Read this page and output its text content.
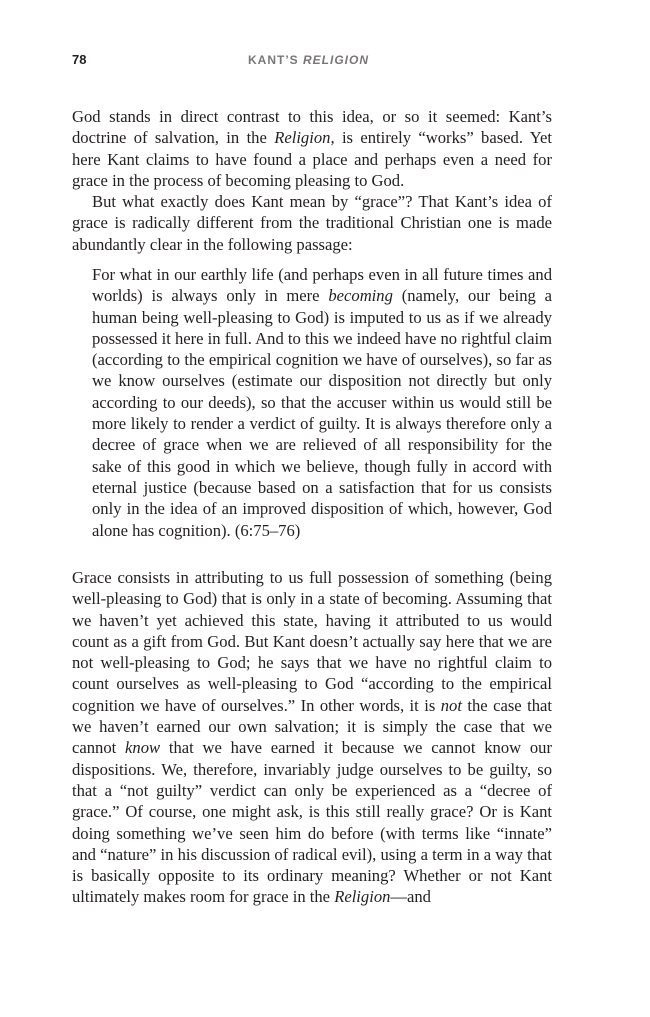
78	KANT’S RELIGION

God stands in direct contrast to this idea, or so it seemed: Kant’s doctrine of salvation, in the Religion, is entirely “works” based. Yet here Kant claims to have found a place and perhaps even a need for grace in the process of becoming pleasing to God.

But what exactly does Kant mean by “grace”? That Kant’s idea of grace is radically different from the traditional Christian one is made abundantly clear in the following passage:

For what in our earthly life (and perhaps even in all future times and worlds) is always only in mere becoming (namely, our being a human being well-pleasing to God) is imputed to us as if we already possessed it here in full. And to this we indeed have no rightful claim (according to the empirical cognition we have of ourselves), so far as we know ourselves (estimate our disposition not directly but only according to our deeds), so that the accuser within us would still be more likely to render a verdict of guilty. It is always therefore only a decree of grace when we are relieved of all responsibility for the sake of this good in which we believe, though fully in accord with eternal justice (because based on a satisfaction that for us consists only in the idea of an improved disposition of which, however, God alone has cognition). (6:75–76)

Grace consists in attributing to us full possession of something (being well-pleasing to God) that is only in a state of becoming. Assuming that we haven’t yet achieved this state, having it attributed to us would count as a gift from God. But Kant doesn’t actually say here that we are not well-pleasing to God; he says that we have no rightful claim to count ourselves as well-pleasing to God “according to the empirical cognition we have of ourselves.” In other words, it is not the case that we haven’t earned our own salvation; it is simply the case that we cannot know that we have earned it because we cannot know our dispositions. We, therefore, invariably judge ourselves to be guilty, so that a “not guilty” verdict can only be experienced as a “decree of grace.” Of course, one might ask, is this still really grace? Or is Kant doing something we’ve seen him do before (with terms like “innate” and “nature” in his discussion of radical evil), using a term in a way that is basically opposite to its ordinary meaning? Whether or not Kant ultimately makes room for grace in the Religion—and
